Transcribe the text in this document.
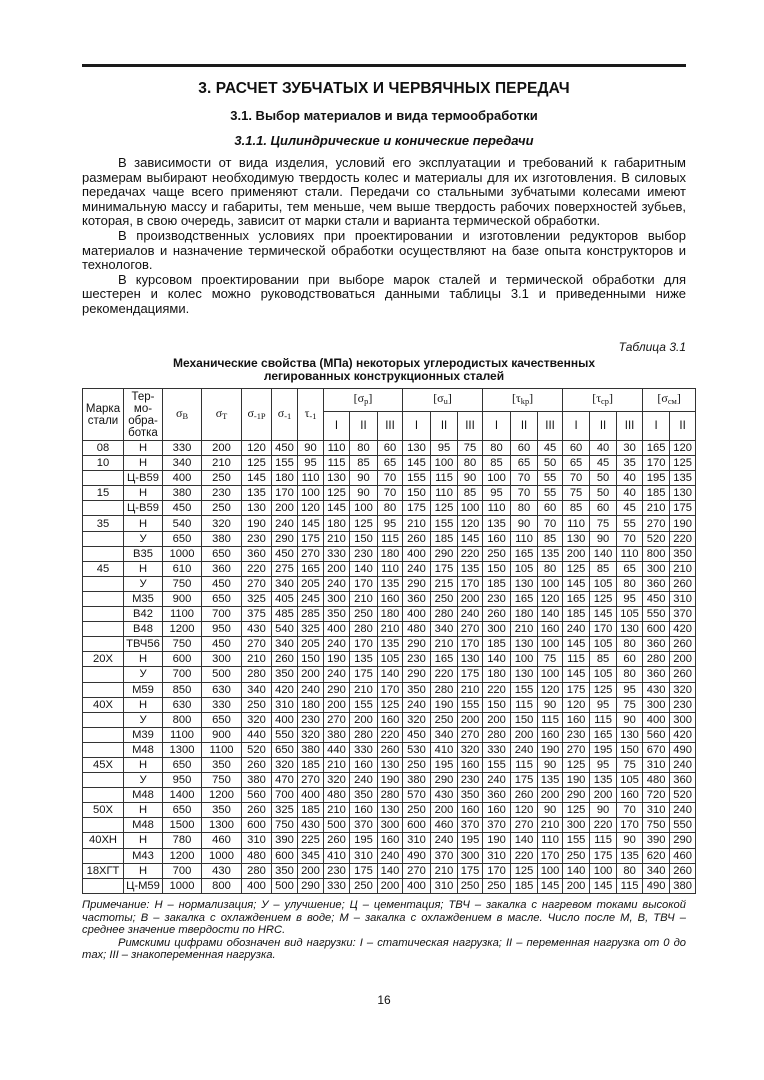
3. РАСЧЕТ ЗУБЧАТЫХ И ЧЕРВЯЧНЫХ ПЕРЕДАЧ
3.1. Выбор материалов и вида термообработки
3.1.1. Цилиндрические и конические передачи

В зависимости от вида изделия, условий его эксплуатации и требований к габаритным размерам выбирают необходимую твердость колес и материалы для их изготовления. В силовых передачах чаще всего применяют стали. Передачи со стальными зубчатыми колесами имеют минимальную массу и габариты, тем меньше, чем выше твердость рабочих поверхностей зубьев, которая, в свою очередь, зависит от марки стали и варианта термической обработки.

В производственных условиях при проектировании и изготовлении редукторов выбор материалов и назначение термической обработки осуществляют на базе опыта конструкторов и технологов.

В курсовом проектировании при выборе марок сталей и термической обработки для шестерен и колес можно руководствоваться данными таблицы 3.1 и приведенными ниже рекомендациями.

Таблица 3.1
Механические свойства (МПа) некоторых углеродистых качественных
легированных конструкционных сталей
Марка
стали	Тер-
мо-
обра-
ботка	$\sigma_B$	$\sigma_T$	$\sigma_{-1P}$	$\sigma_{-1}$	$\tau_{-1}$	$[\sigma_p]$			$[\sigma_u]$			$[\tau_{kp}]$			$[\tau_{cp}]$			$[\sigma_{см}]$	
							I	II	III	I	II	III	I	II	III	I	II	III	I	II
08	Н	330	200	120	450	90	110	80	60	130	95	75	80	60	45	60	40	30	165	120
10	Н	340	210	125	155	95	115	85	65	145	100	80	85	65	50	65	45	35	170	125
	Ц-В59	400	250	145	180	110	130	90	70	155	115	90	100	70	55	70	50	40	195	135
15	Н	380	230	135	170	100	125	90	70	150	110	85	95	70	55	75	50	40	185	130
	Ц-В59	450	250	130	200	120	145	100	80	175	125	100	110	80	60	85	60	45	210	175
35	Н	540	320	190	240	145	180	125	95	210	155	120	135	90	70	110	75	55	270	190
	У	650	380	230	290	175	210	150	115	260	185	145	160	110	85	130	90	70	520	220
	В35	1000	650	360	450	270	330	230	180	400	290	220	250	165	135	200	140	110	800	350
45	Н	610	360	220	275	165	200	140	110	240	175	135	150	105	80	125	85	65	300	210
	У	750	450	270	340	205	240	170	135	290	215	170	185	130	100	145	105	80	360	260
	М35	900	650	325	405	245	300	210	160	360	250	200	230	165	120	165	125	95	450	310
	В42	1100	700	375	485	285	350	250	180	400	280	240	260	180	140	185	145	105	550	370
	В48	1200	950	430	540	325	400	280	210	480	340	270	300	210	160	240	170	130	600	420
	ТВЧ56	750	450	270	340	205	240	170	135	290	210	170	185	130	100	145	105	80	360	260
20Х	Н	600	300	210	260	150	190	135	105	230	165	130	140	100	75	115	85	60	280	200
	У	700	500	280	350	200	240	175	140	290	220	175	180	130	100	145	105	80	360	260
	М59	850	630	340	420	240	290	210	170	350	280	210	220	155	120	175	125	95	430	320
40Х	Н	630	330	250	310	180	200	155	125	240	190	155	150	115	90	120	95	75	300	230
	У	800	650	320	400	230	270	200	160	320	250	200	200	150	115	160	115	90	400	300
	М39	1100	900	440	550	320	380	280	220	450	340	270	280	200	160	230	165	130	560	420
	М48	1300	1100	520	650	380	440	330	260	530	410	320	330	240	190	270	195	150	670	490
45Х	Н	650	350	260	320	185	210	160	130	250	195	160	155	115	90	125	95	75	310	240
	У	950	750	380	470	270	320	240	190	380	290	230	240	175	135	190	135	105	480	360
	М48	1400	1200	560	700	400	480	350	280	570	430	350	360	260	200	290	200	160	720	520
50Х	Н	650	350	260	325	185	210	160	130	250	200	160	160	120	90	125	90	70	310	240
	М48	1500	1300	600	750	430	500	370	300	600	460	370	370	270	210	300	220	170	750	550
40ХН	Н	780	460	310	390	225	260	195	160	310	240	195	190	140	110	155	115	90	390	290
	М43	1200	1000	480	600	345	410	310	240	490	370	300	310	220	170	250	175	135	620	460
18ХГТ	Н	700	430	280	350	200	230	175	140	270	210	175	170	125	100	140	100	80	340	260
	Ц-М59	1000	800	400	500	290	330	250	200	400	310	250	250	185	145	200	145	115	490	380

Примечание: Н – нормализация; У – улучшение; Ц – цементация; ТВЧ – закалка с нагревом токами высокой частоты; В – закалка с охлаждением в воде; М – закалка с охлаждением в масле. Число после М, В, ТВЧ – среднее значение твердости по HRC.

Римскими цифрами обозначен вид нагрузки: I – статическая нагрузка; II – переменная нагрузка от 0 до max; III – знакопеременная нагрузка.

16
